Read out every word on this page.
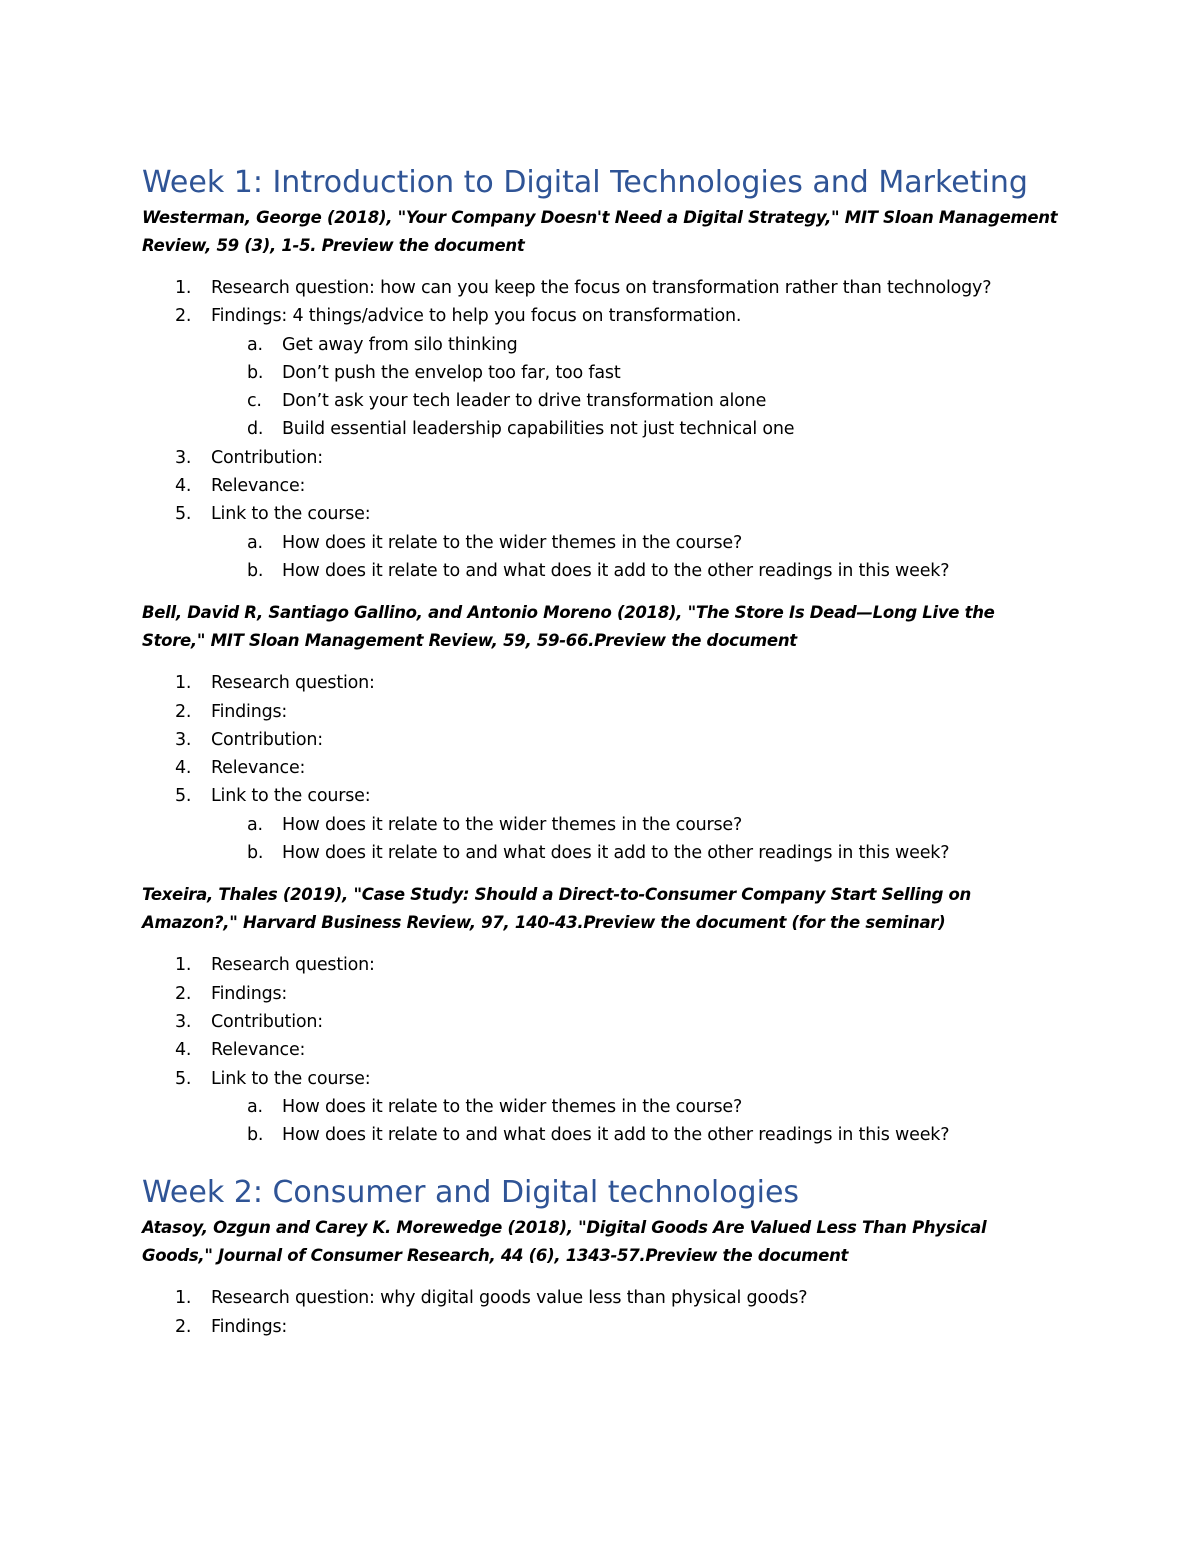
Week 1: Introduction to Digital Technologies and Marketing

Westerman, George (2018), "Your Company Doesn't Need a Digital Strategy," MIT Sloan Management Review, 59 (3), 1-5. Preview the document

1. Research question: how can you keep the focus on transformation rather than technology?
2. Findings: 4 things/advice to help you focus on transformation.
a. Get away from silo thinking
b. Don’t push the envelop too far, too fast
c. Don’t ask your tech leader to drive transformation alone
d. Build essential leadership capabilities not just technical one
3. Contribution:
4. Relevance:
5. Link to the course:
a. How does it relate to the wider themes in the course?
b. How does it relate to and what does it add to the other readings in this week?

Bell, David R, Santiago Gallino, and Antonio Moreno (2018), "The Store Is Dead—Long Live the Store," MIT Sloan Management Review, 59, 59-66.Preview the document

1. Research question:
2. Findings:
3. Contribution:
4. Relevance:
5. Link to the course:
a. How does it relate to the wider themes in the course?
b. How does it relate to and what does it add to the other readings in this week?

Texeira, Thales (2019), "Case Study: Should a Direct-to-Consumer Company Start Selling on Amazon?," Harvard Business Review, 97, 140-43.Preview the document (for the seminar)

1. Research question:
2. Findings:
3. Contribution:
4. Relevance:
5. Link to the course:
a. How does it relate to the wider themes in the course?
b. How does it relate to and what does it add to the other readings in this week?
Week 2: Consumer and Digital technologies

Atasoy, Ozgun and Carey K. Morewedge (2018), "Digital Goods Are Valued Less Than Physical Goods," Journal of Consumer Research, 44 (6), 1343-57.Preview the document

1. Research question: why digital goods value less than physical goods?
2. Findings:
